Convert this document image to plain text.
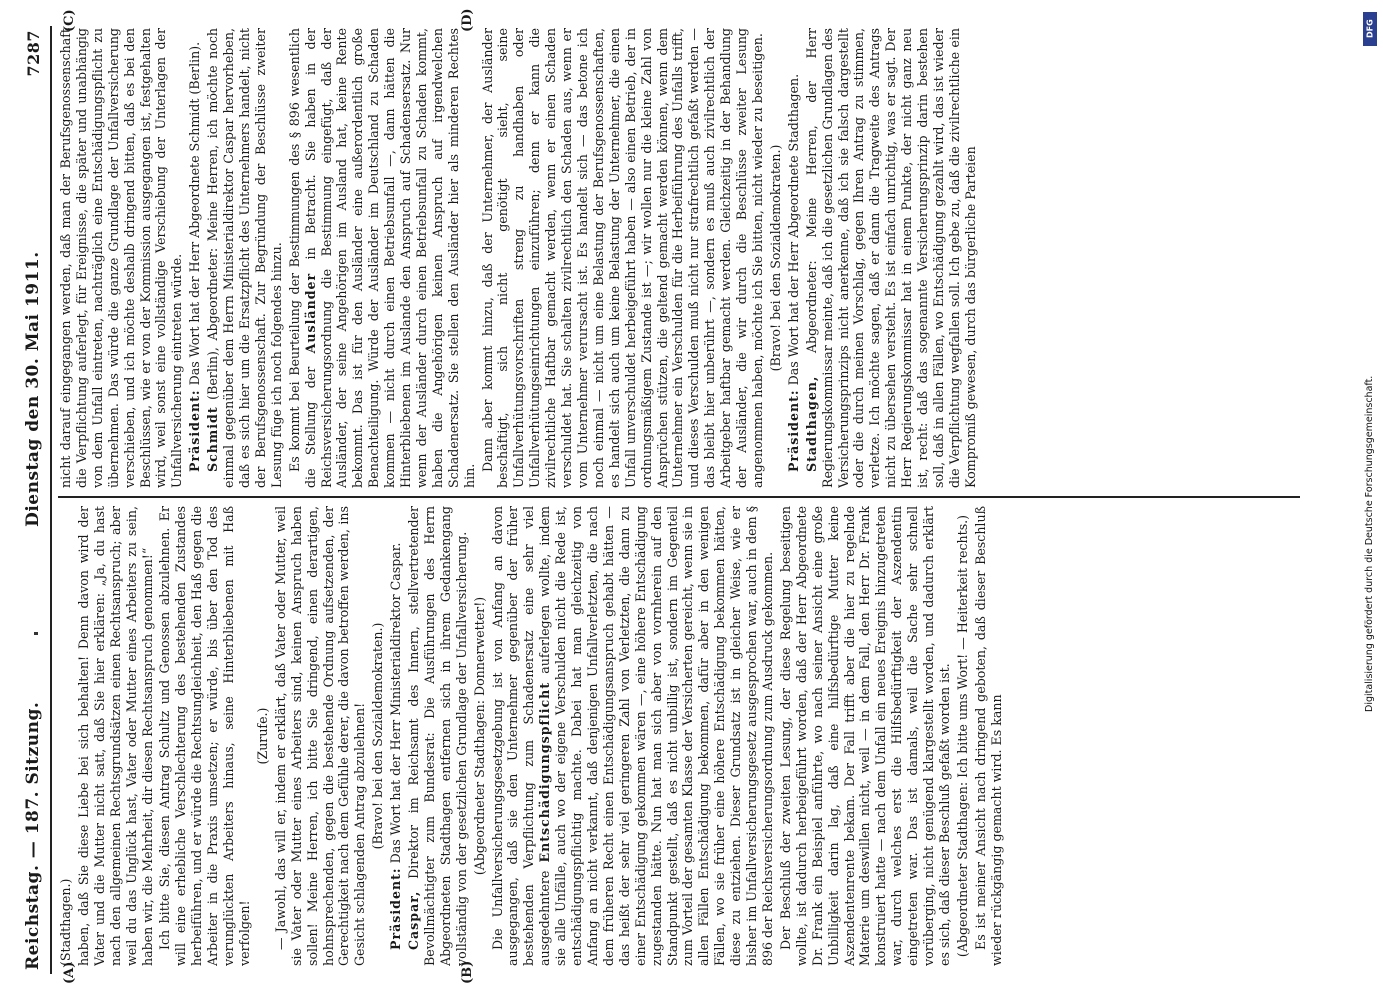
Reichstag. — 187. Sitzung.
Dienstag den 30. Mai 1911.
7287
(A)	(B)
(C)	(D)

(Stadthagen.) haben, daß Sie diese Liebe bei sich behalten! Denn davon wird der Vater und die Mutter nicht satt, daß Sie hier erklären: „Ja, du hast nach den allgemeinen Rechtsgrundsätzen einen Rechtsanspruch; aber weil du das Unglück hast, Vater oder Mutter eines Arbeiters zu sein, haben wir, die Mehrheit, dir diesen Rechtsanspruch genommen!“ Ich bitte Sie, diesen Antrag Schultz und Genossen abzulehnen. Er will eine erhebliche Verschlechterung des bestehenden Zustandes herbeiführen, und er würde die Rechtsungleichheit, den Haß gegen die Arbeiter in die Praxis umsetzen; er würde, bis über den Tod des verunglückten Arbeiters hinaus, seine Hinterbliebenen mit Haß verfolgen!

(Zurufe.) — Jawohl, das will er, indem er erklärt, daß Vater oder Mutter, weil sie Vater oder Mutter eines Arbeiters sind, keinen Anspruch haben sollen! Meine Herren, ich bitte Sie dringend, einen derartigen, hohnsprechenden, gegen die bestehende Ordnung aufsetzenden, der Gerechtigkeit nach dem Gefühle derer, die davon betroffen werden, ins Gesicht schlagenden Antrag abzulehnen! (Bravo! bei den Sozialdemokraten.)

Präsident: Das Wort hat der Herr Ministerialdirektor Caspar.

Caspar, Direktor im Reichsamt des Innern, stellvertretender Bevollmächtigter zum Bundesrat: Die Ausführungen des Herrn Abgeordneten Stadthagen entfernen sich in ihrem Gedankengang vollständig von der gesetzlichen Grundlage der Unfallversicherung. (Abgeordneter Stadthagen: Donnerwetter!) Die Unfallversicherungsgesetzgebung ist von Anfang an davon ausgegangen, daß sie den Unternehmer gegenüber der früher bestehenden Verpflichtung zum Schadenersatz eine sehr viel ausgedehntere Entschädigungspflicht auferlegen wollte, indem sie alle Unfälle, auch wo der eigene Verschulden nicht die Rede ist, entschädigungspflichtig machte. Dabei hat man gleichzeitig von Anfang an nicht verkannt, daß denjenigen Unfallverletzten, die nach dem früheren Recht einen Entschädigungsanspruch gehabt hätten — das heißt der sehr viel geringeren Zahl von Verletzten, die dann zu einer Entschädigung gekommen wären —, eine höhere Entschädigung zugestanden hätte. Nun hat man sich aber von vornherein auf den Standpunkt gestellt, daß es nicht unbillig ist, sondern im Gegenteil zum Vorteil der gesamten Klasse der Versicherten gereicht, wenn sie in allen Fällen Entschädigung bekommen, dafür aber in den wenigen Fällen, wo sie früher eine höhere Entschädigung bekommen hätten, diese zu entziehen. Dieser Grundsatz ist in gleicher Weise, wie er bisher im Unfallversicherungsgesetz ausgesprochen war, auch in dem § 896 der Reichsversicherungsordnung zum Ausdruck gekommen. Der Beschluß der zweiten Lesung, der diese Regelung beseitigen wollte, ist dadurch herbeigeführt worden, daß der Herr Abgeordnete Dr. Frank ein Beispiel anführte, wo nach seiner Ansicht eine große Unbilligkeit darin lag, daß eine hilfsbedürftige Mutter keine Aszendentenrente bekam. Der Fall trifft aber die hier zu regelnde Materie um deswillen nicht, weil — in dem Fall, den Herr Dr. Frank konstruiert hatte — nach dem Unfall ein neues Ereignis hinzugetreten war, durch welches erst die Hilfsbedürftigkeit der Aszendentin eingetreten war. Das ist damals, weil die Sache sehr schnell vorüberging, nicht genügend klargestellt worden, und dadurch erklärt es sich, daß dieser Beschluß gefaßt worden ist. (Abgeordneter Stadthagen: Ich bitte ums Wort! — Heiterkeit rechts.) Es ist meiner Ansicht nach dringend geboten, daß dieser Beschluß wieder rückgängig gemacht wird. Es kann

nicht darauf eingegangen werden, daß man der Berufsgenossenschaft die Verpflichtung auferlegt, für Ereignisse, die später und unabhängig von dem Unfall eintreten, nachträglich eine Entschädigungspflicht zu übernehmen. Das würde die ganze Grundlage der Unfallversicherung verschieben, und ich möchte deshalb dringend bitten, daß es bei den Beschlüssen, wie er von der Kommission ausgegangen ist, festgehalten wird, weil sonst eine vollständige Verschiebung der Unterlagen der Unfallversicherung eintreten würde. Präsident: Das Wort hat der Herr Abgeordnete Schmidt (Berlin).

Schmidt (Berlin), Abgeordneter: Meine Herren, ich möchte noch einmal gegenüber dem Herrn Ministerialdirektor Caspar hervorheben, daß es sich hier um die Ersatzpflicht des Unternehmers handelt, nicht der Berufsgenossenschaft. Zur Begründung der Beschlüsse zweiter Lesung füge ich noch folgendes hinzu. Es kommt bei Beurteilung der Bestimmungen des § 896 wesentlich die Stellung der Ausländer in Betracht. Sie haben in der Reichsversicherungsordnung die Bestimmung eingefügt, daß der Ausländer, der seine Angehörigen im Ausland hat, keine Rente bekommt. Das ist für den Ausländer eine außerordentlich große Benachteiligung. Würde der Ausländer im Deutschland zu Schaden kommen — nicht durch einen Betriebsunfall —, dann hätten die Hinterbliebenen im Auslande den Anspruch auf Schadensersatz. Nur wenn der Ausländer durch einen Betriebsunfall zu Schaden kommt, haben die Angehörigen keinen Anspruch auf irgendwelchen Schadenersatz. Sie stellen den Ausländer hier als minderen Rechtes hin.

Dann aber kommt hinzu, daß der Unternehmer, der Ausländer beschäftigt, sich nicht genötigt sieht, seine Unfallverhütungsvorschriften streng zu handhaben oder Unfallverhütungseinrichtungen einzuführen; denn er kann die zivilrechtliche Haftbar gemacht werden, wenn er einen Schaden verschuldet hat. Sie schalten zivilrechtlich den Schaden aus, wenn er vom Unternehmer verursacht ist. Es handelt sich — das betone ich noch einmal — nicht um eine Belastung der Berufsgenossenschaften, es handelt sich auch um keine Belastung der Unternehmer, die einen Unfall unverschuldet herbeigeführt haben — also einen Betrieb, der in ordnungsmäßigem Zustande ist —; wir wollen nur die kleine Zahl von Ansprüchen stützen, die geltend gemacht werden können, wenn dem Unternehmer ein Verschulden für die Herbeiführung des Unfalls trifft, und dieses Verschulden muß nicht nur strafrechtlich gefaßt werden — das bleibt hier unberührt —, sondern es muß auch zivilrechtlich der Arbeitgeber haftbar gemacht werden. Gleichzeitig in der Behandlung der Ausländer, die wir durch die Beschlüsse zweiter Lesung angenommen haben, möchte ich Sie bitten, nicht wieder zu beseitigen. (Bravo! bei den Sozialdemokraten.)

Präsident: Das Wort hat der Herr Abgeordnete Stadthagen.

Stadthagen, Abgeordneter: Meine Herren, der Herr Regierungskommissar meinte, daß ich die gesetzlichen Grundlagen des Versicherungsprinzips nicht anerkenne, daß ich sie falsch dargestellt oder die durch meinen Vorschlag, gegen Ihren Antrag zu stimmen, verletze. Ich möchte sagen, daß er dann die Tragweite des Antrags nicht zu übersehen versteht. Es ist einfach unrichtig, was er sagt. Der Herr Regierungskommissar hat in einem Punkte, der nicht ganz neu ist, recht: daß das sogenannte Versicherungsprinzip darin bestehen soll, daß in allen Fällen, wo Entschädigung gezahlt wird, das ist wieder die Verpflichtung wegfallen soll. Ich gebe zu, daß die zivilrechtliche ein Kompromiß gewesen, durch das bürgerliche Parteien

DFG
Digitalisierung gefördert durch die Deutsche Forschungsgemeinschaft.
